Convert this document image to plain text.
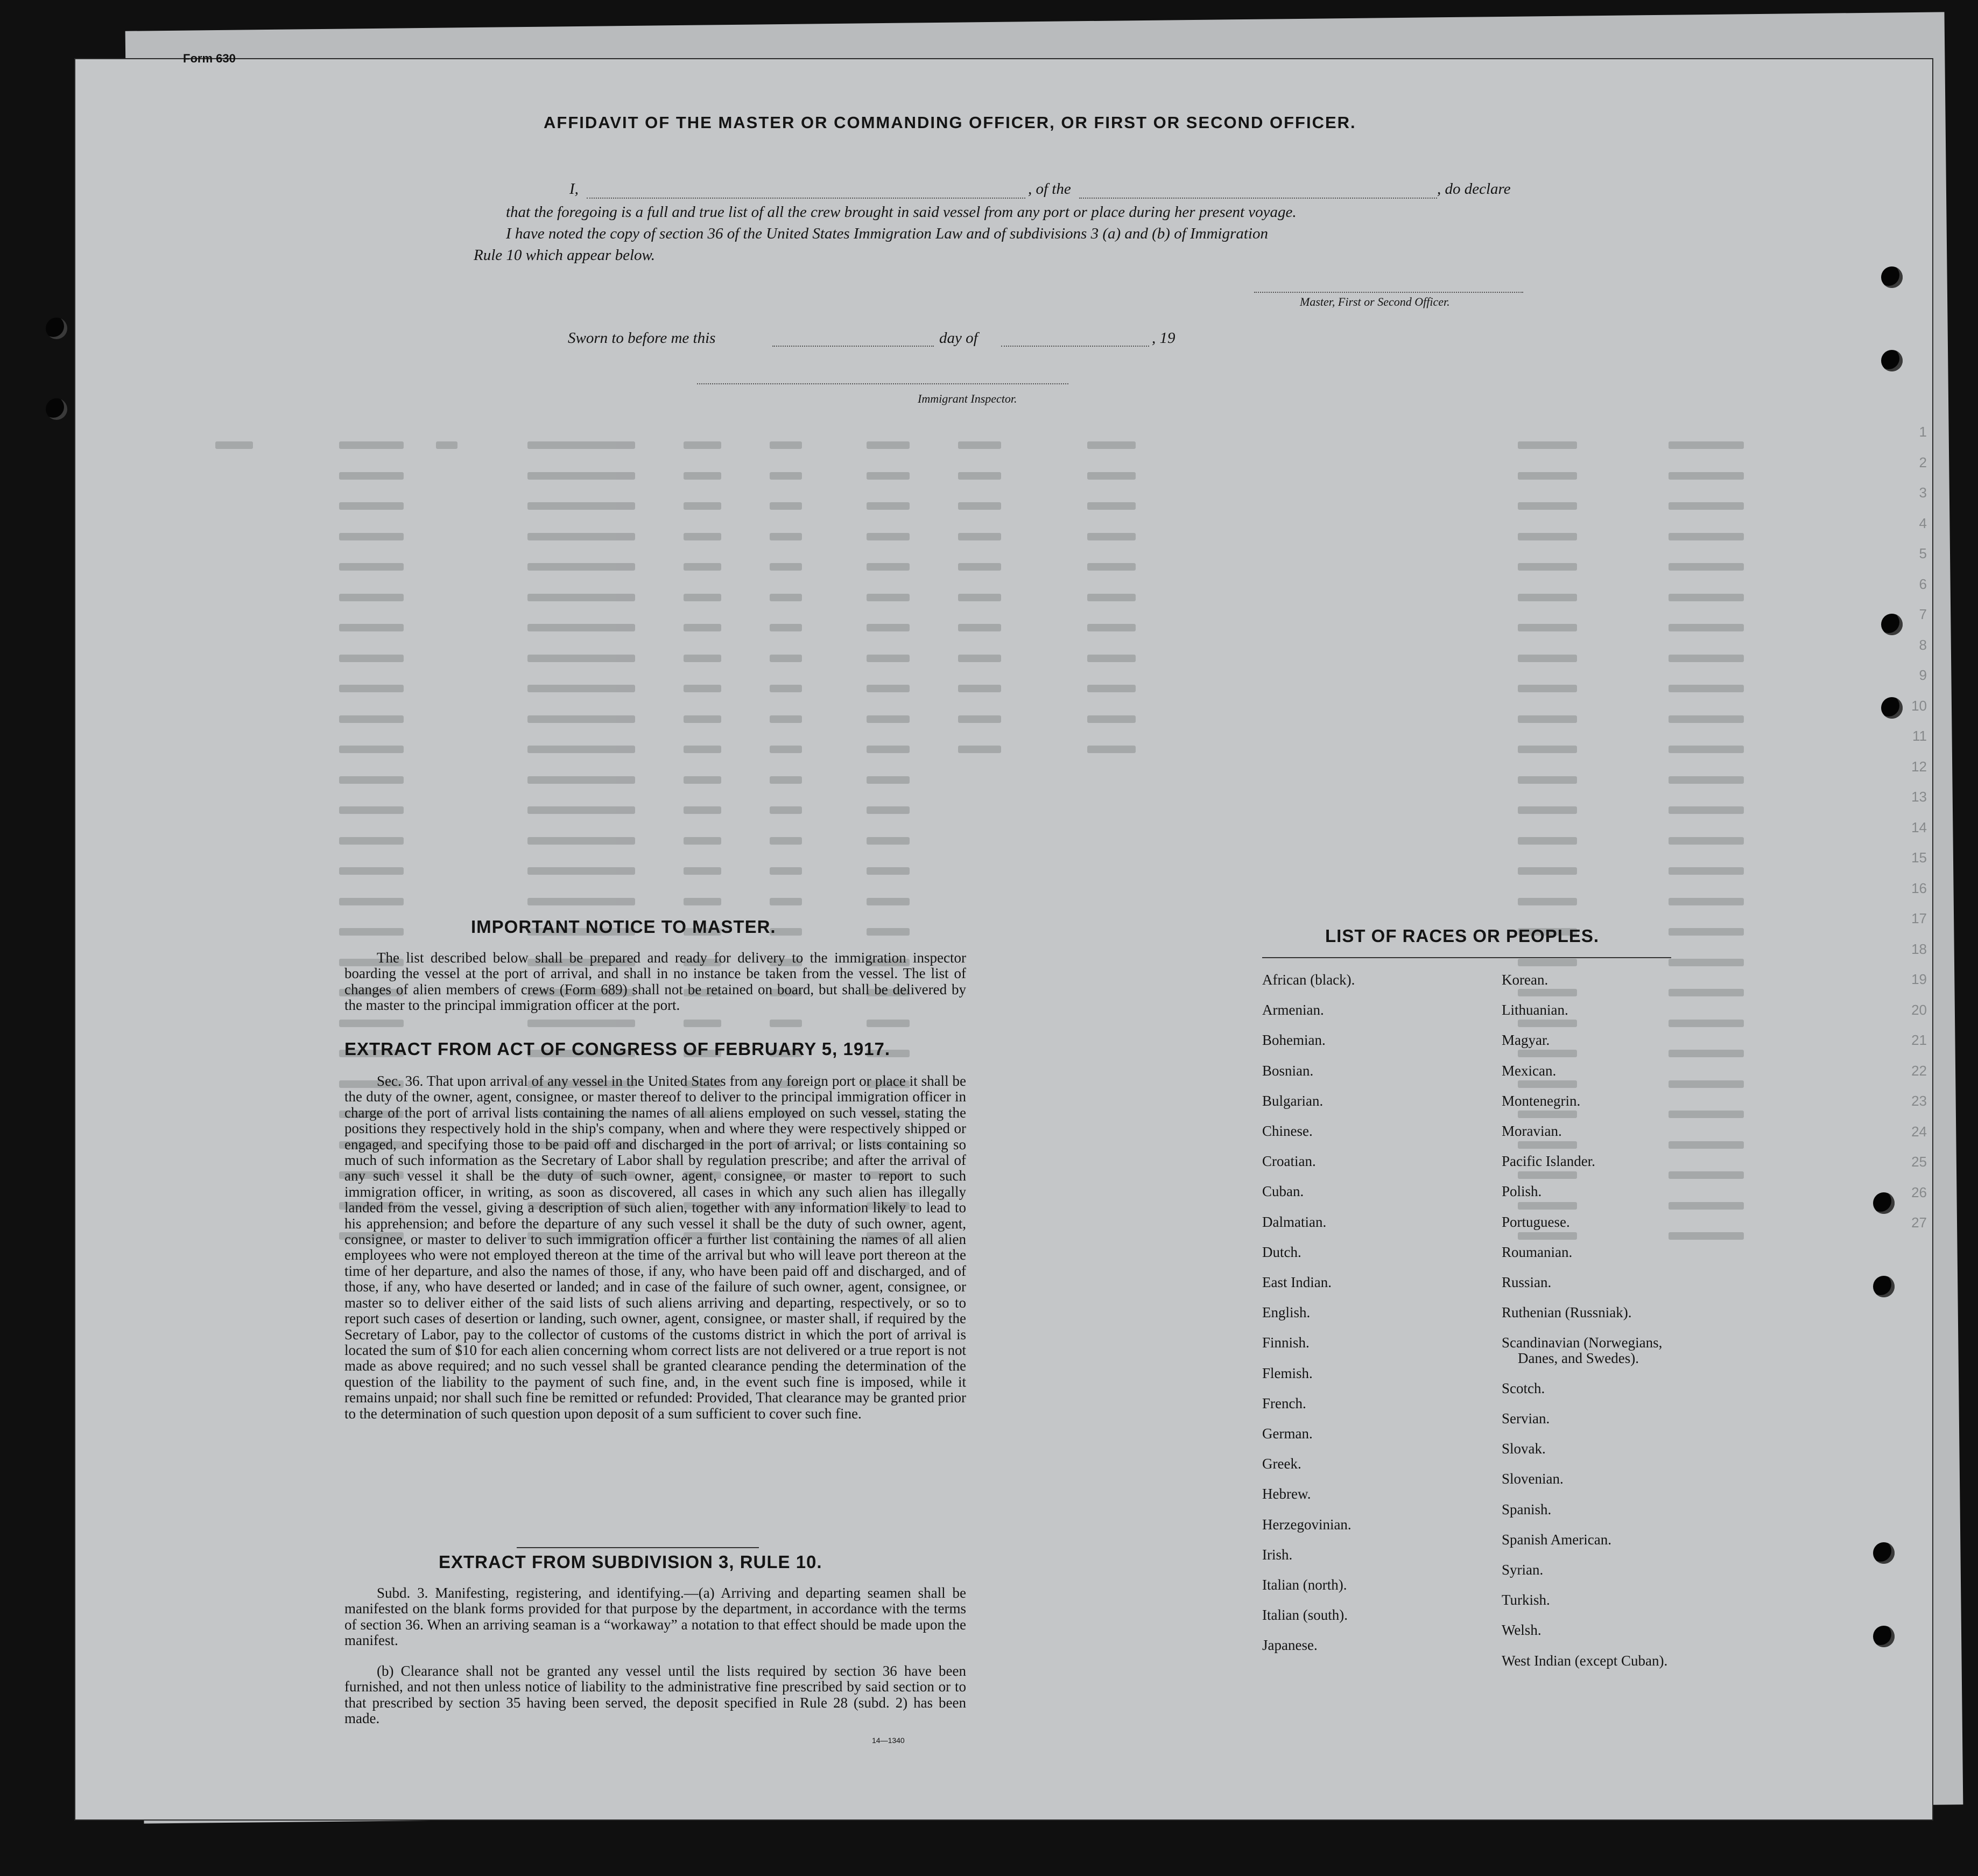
Form 630
1
2
3
4
5
6
7
8
9
10
11
12
13
14
15
16
17
18
19
20
21
22
23
24
25
26
27
AFFIDAVIT OF THE MASTER OR COMMANDING OFFICER, OR FIRST OR SECOND OFFICER.
I,	, of the	, do declare
that the foregoing is a full and true list of all the crew brought in said vessel from any port or place during her present voyage.
I have noted the copy of section 36 of the United States Immigration Law and of subdivisions 3 (a) and (b) of Immigration
Rule 10 which appear below.
Master, First or Second Officer.
Sworn to before me this	day of	, 19
Immigrant Inspector.
IMPORTANT NOTICE TO MASTER.
The list described below shall be prepared and ready for delivery to the immigration inspector boarding the vessel at the port of arrival, and shall in no instance be taken from the vessel. The list of changes of alien members of crews (Form 689) shall not be retained on board, but shall be delivered by the master to the principal immigration officer at the port.
EXTRACT FROM ACT OF CONGRESS OF FEBRUARY 5, 1917.
Sec. 36. That upon arrival of any vessel in the United States from any foreign port or place it shall be the duty of the owner, agent, consignee, or master thereof to deliver to the principal immigration officer in charge of the port of arrival lists containing the names of all aliens employed on such vessel, stating the positions they respectively hold in the ship's company, when and where they were respectively shipped or engaged, and specifying those to be paid off and discharged in the port of arrival; or lists containing so much of such information as the Secretary of Labor shall by regulation prescribe; and after the arrival of any such vessel it shall be the duty of such owner, agent, consignee, or master to report to such immigration officer, in writing, as soon as discovered, all cases in which any such alien has illegally landed from the vessel, giving a description of such alien, together with any information likely to lead to his apprehension; and before the departure of any such vessel it shall be the duty of such owner, agent, consignee, or master to deliver to such immigration officer a further list containing the names of all alien employees who were not employed thereon at the time of the arrival but who will leave port thereon at the time of her departure, and also the names of those, if any, who have been paid off and discharged, and of those, if any, who have deserted or landed; and in case of the failure of such owner, agent, consignee, or master so to deliver either of the said lists of such aliens arriving and departing, respectively, or so to report such cases of desertion or landing, such owner, agent, consignee, or master shall, if required by the Secretary of Labor, pay to the collector of customs of the customs district in which the port of arrival is located the sum of $10 for each alien concerning whom correct lists are not delivered or a true report is not made as above required; and no such vessel shall be granted clearance pending the determination of the question of the liability to the payment of such fine, and, in the event such fine is imposed, while it remains unpaid; nor shall such fine be remitted or refunded: Provided, That clearance may be granted prior to the determination of such question upon deposit of a sum sufficient to cover such fine.
EXTRACT FROM SUBDIVISION 3, RULE 10.
Subd. 3. Manifesting, registering, and identifying.—(a) Arriving and departing seamen shall be manifested on the blank forms provided for that purpose by the department, in accordance with the terms of section 36. When an arriving seaman is a “workaway” a notation to that effect should be made upon the manifest.
(b) Clearance shall not be granted any vessel until the lists required by section 36 have been furnished, and not then unless notice of liability to the administrative fine prescribed by said section or to that prescribed by section 35 having been served, the deposit specified in Rule 28 (subd. 2) has been made.
14—1340
LIST OF RACES OR PEOPLES.
African (black).
Armenian.
Bohemian.
Bosnian.
Bulgarian.
Chinese.
Croatian.
Cuban.
Dalmatian.
Dutch.
East Indian.
English.
Finnish.
Flemish.
French.
German.
Greek.
Hebrew.
Herzegovinian.
Irish.
Italian (north).
Italian (south).
Japanese.
Korean.
Lithuanian.
Magyar.
Mexican.
Montenegrin.
Moravian.
Pacific Islander.
Polish.
Portuguese.
Roumanian.
Russian.
Ruthenian (Russniak).
Scandinavian (Norwegians,
Danes, and Swedes).
Scotch.
Servian.
Slovak.
Slovenian.
Spanish.
Spanish American.
Syrian.
Turkish.
Welsh.
West Indian (except Cuban).
